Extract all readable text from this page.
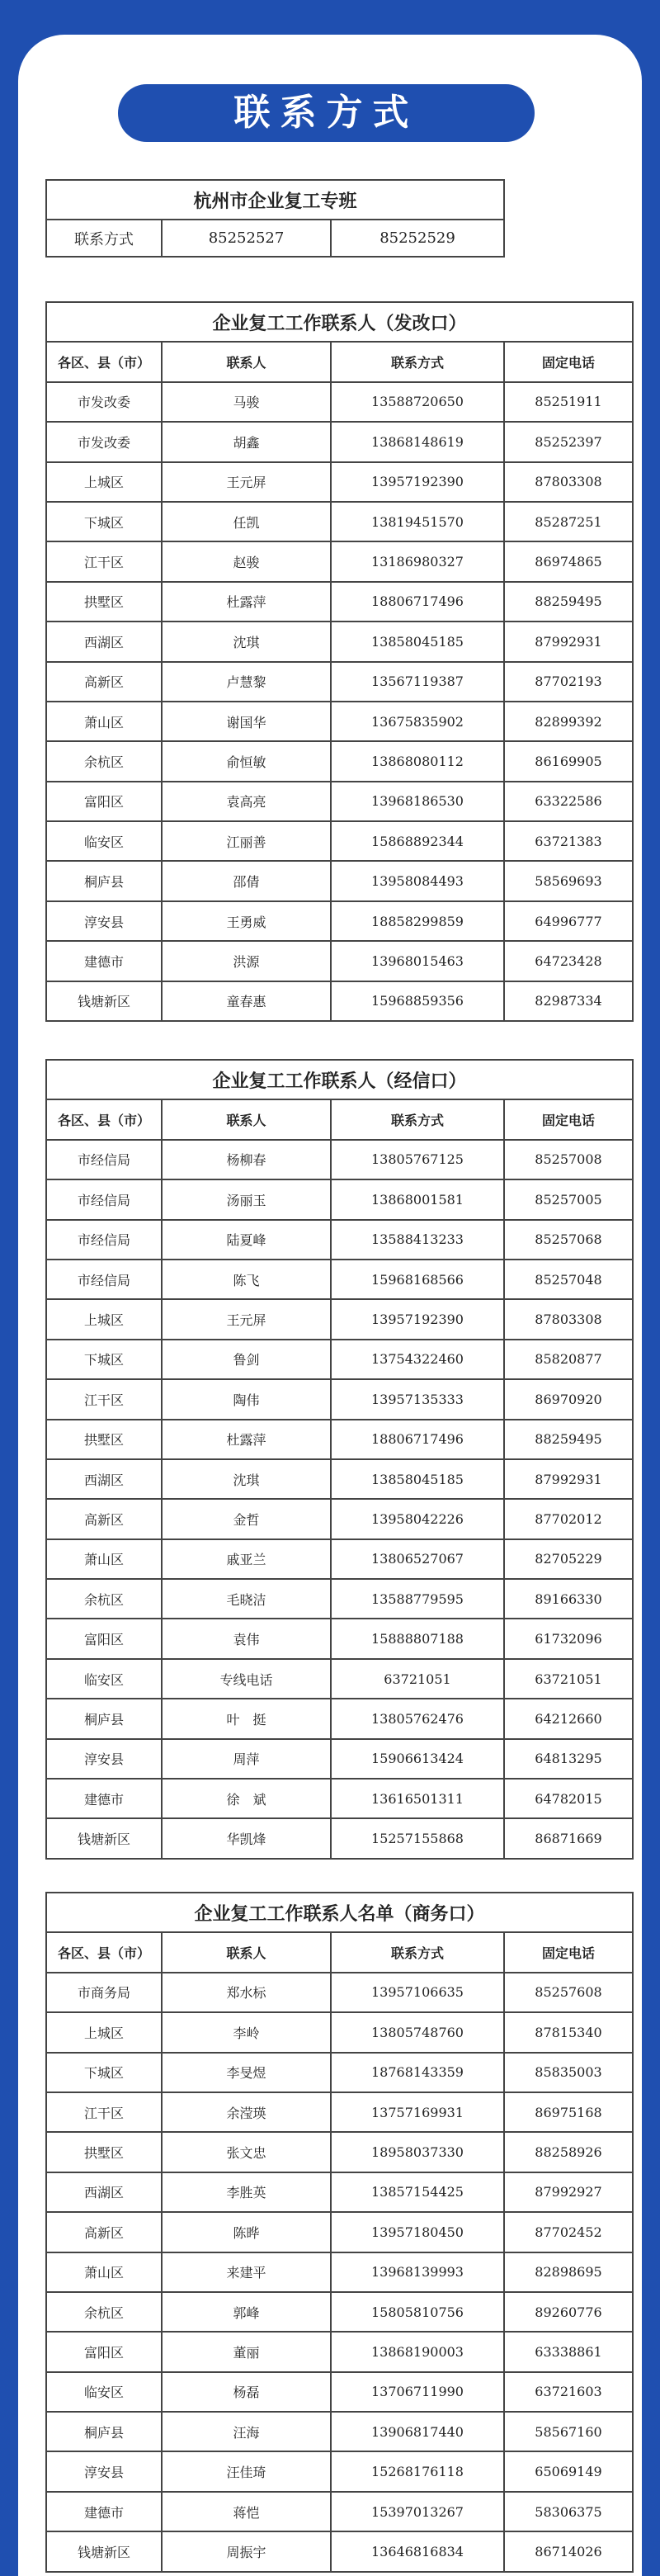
联系方式
杭州市企业复工专班
联系方式	85252527	85252529
企业复工工作联系人（发改口）			
各区、县（市）	联系人	联系方式	固定电话
市发改委	马骏	13588720650	85251911
市发改委	胡鑫	13868148619	85252397
上城区	王元屏	13957192390	87803308
下城区	任凯	13819451570	85287251
江干区	赵骏	13186980327	86974865
拱墅区	杜露萍	18806717496	88259495
西湖区	沈琪	13858045185	87992931
高新区	卢慧黎	13567119387	87702193
萧山区	谢国华	13675835902	82899392
余杭区	俞恒敏	13868080112	86169905
富阳区	袁高亮	13968186530	63322586
临安区	江丽善	15868892344	63721383
桐庐县	邵倩	13958084493	58569693
淳安县	王勇威	18858299859	64996777
建德市	洪源	13968015463	64723428
钱塘新区	童春惠	15968859356	82987334
企业复工工作联系人（经信口）			
各区、县（市）	联系人	联系方式	固定电话
市经信局	杨柳春	13805767125	85257008
市经信局	汤丽玉	13868001581	85257005
市经信局	陆夏峰	13588413233	85257068
市经信局	陈飞	15968168566	85257048
上城区	王元屏	13957192390	87803308
下城区	鲁剑	13754322460	85820877
江干区	陶伟	13957135333	86970920
拱墅区	杜露萍	18806717496	88259495
西湖区	沈琪	13858045185	87992931
高新区	金哲	13958042226	87702012
萧山区	戚亚兰	13806527067	82705229
余杭区	毛晓洁	13588779595	89166330
富阳区	袁伟	15888807188	61732096
临安区	专线电话	63721051	63721051
桐庐县	叶　挺	13805762476	64212660
淳安县	周萍	15906613424	64813295
建德市	徐　斌	13616501311	64782015
钱塘新区	华凯烽	15257155868	86871669
企业复工工作联系人名单（商务口）			
各区、县（市）	联系人	联系方式	固定电话
市商务局	郑水标	13957106635	85257608
上城区	李岭	13805748760	87815340
下城区	李旻煜	18768143359	85835003
江干区	余滢瑛	13757169931	86975168
拱墅区	张文忠	18958037330	88258926
西湖区	李胜英	13857154425	87992927
高新区	陈晔	13957180450	87702452
萧山区	来建平	13968139993	82898695
余杭区	郭峰	15805810756	89260776
富阳区	董丽	13868190003	63338861
临安区	杨磊	13706711990	63721603
桐庐县	汪海	13906817440	58567160
淳安县	汪佳琦	15268176118	65069149
建德市	蒋恺	15397013267	58306375
钱塘新区	周振宇	13646816834	86714026
